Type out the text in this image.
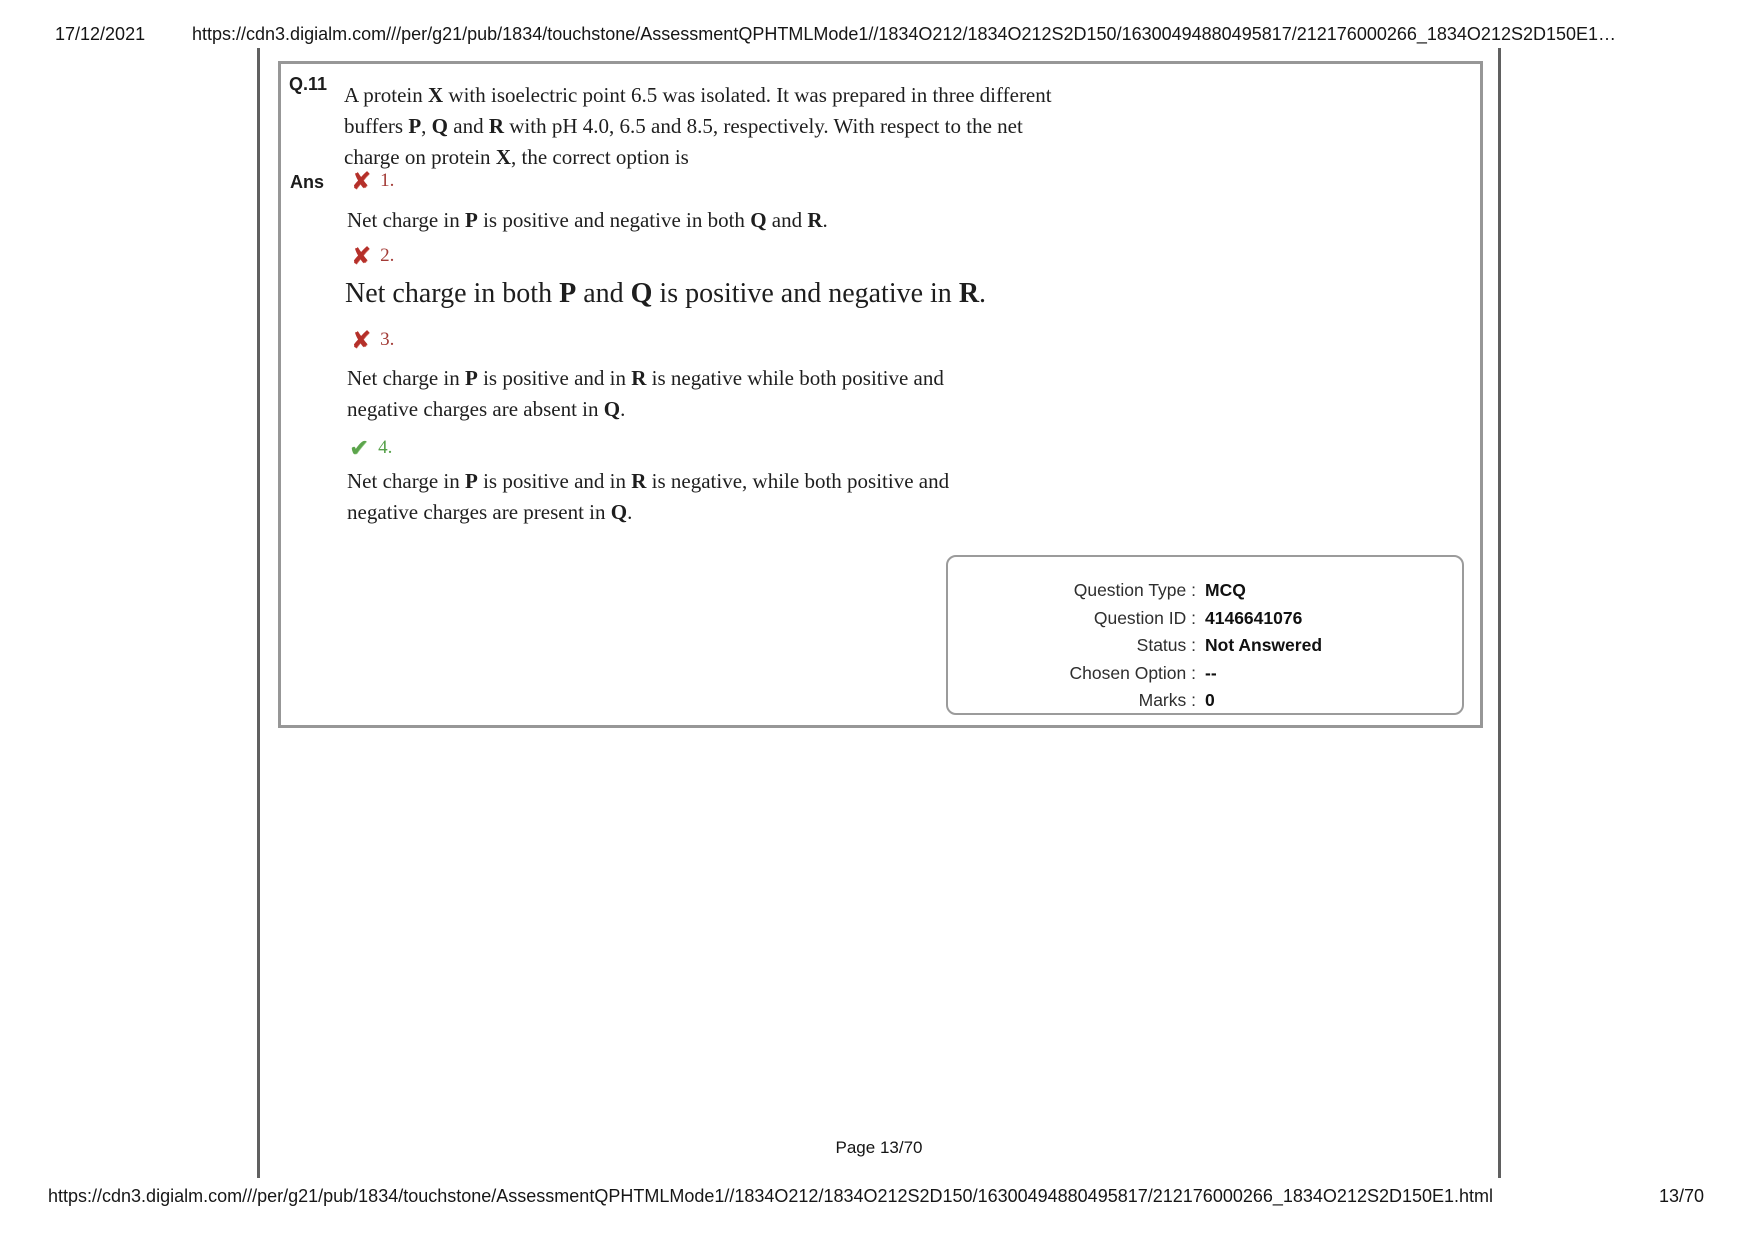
17/12/2021	https://cdn3.digialm.com///per/g21/pub/1834/touchstone/AssessmentQPHTMLMode1//1834O212/1834O212S2D150/16300494880495817/212176000266_1834O212S2D150E1…
Q.11 A protein X with isoelectric point 6.5 was isolated. It was prepared in three different
buffers P, Q and R with pH 4.0, 6.5 and 8.5, respectively. With respect to the net
charge on protein X, the correct option is
Ans ✘ 1.
Net charge in P is positive and negative in both Q and R.
✘ 2.
Net charge in both P and Q is positive and negative in R.
✘ 3.
Net charge in P is positive and in R is negative while both positive and
negative charges are absent in Q.
✔ 4.
Net charge in P is positive and in R is negative, while both positive and
negative charges are present in Q.
Question Type : MCQ
Question ID : 4146641076
Status : Not Answered
Chosen Option : --
Marks : 0
Page 13/70
https://cdn3.digialm.com///per/g21/pub/1834/touchstone/AssessmentQPHTMLMode1//1834O212/1834O212S2D150/16300494880495817/212176000266_1834O212S2D150E1.html	13/70
